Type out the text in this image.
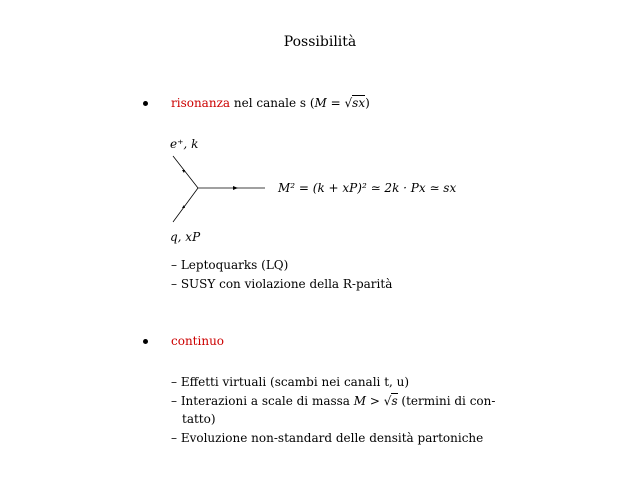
Possibilità
risonanza nel canale s (M = √sx)
e⁺, k
q, xP
M² = (k + xP)² ≃ 2k · Px ≃ sx
– Leptoquarks (LQ)
– SUSY con violazione della R-parità
continuo
– Effetti virtuali (scambi nei canali t, u)
– Interazioni a scale di massa M > √s (termini di con-
tatto)
– Evoluzione non-standard delle densità partoniche
